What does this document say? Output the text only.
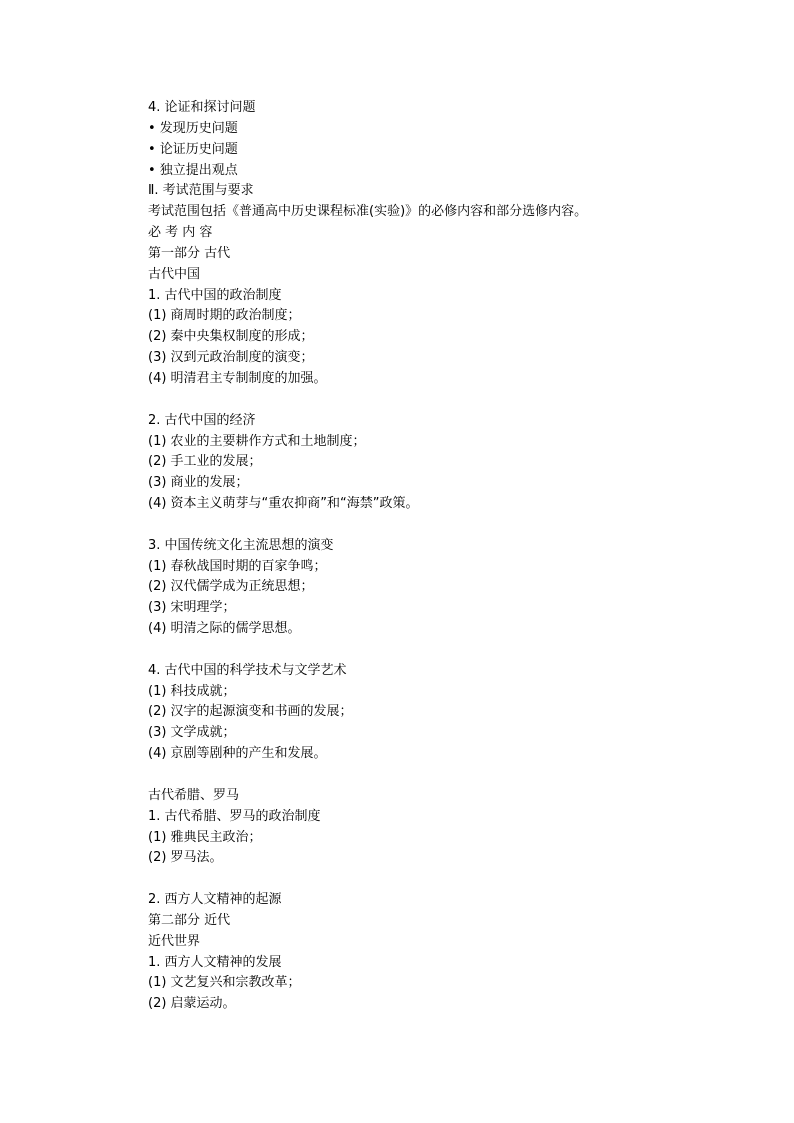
4. 论证和探讨问题
• 发现历史问题
• 论证历史问题
• 独立提出观点
Ⅱ. 考试范围与要求
考试范围包括《普通高中历史课程标准(实验)》的必修内容和部分选修内容。
必 考 内 容
第一部分 古代
古代中国
1. 古代中国的政治制度
(1) 商周时期的政治制度；
(2) 秦中央集权制度的形成；
(3) 汉到元政治制度的演变；
(4) 明清君主专制制度的加强。
2. 古代中国的经济
(1) 农业的主要耕作方式和土地制度；
(2) 手工业的发展；
(3) 商业的发展；
(4) 资本主义萌芽与“重农抑商”和“海禁”政策。
3. 中国传统文化主流思想的演变
(1) 春秋战国时期的百家争鸣；
(2) 汉代儒学成为正统思想；
(3) 宋明理学；
(4) 明清之际的儒学思想。
4. 古代中国的科学技术与文学艺术
(1) 科技成就；
(2) 汉字的起源演变和书画的发展；
(3) 文学成就；
(4) 京剧等剧种的产生和发展。
古代希腊、罗马
1. 古代希腊、罗马的政治制度
(1) 雅典民主政治；
(2) 罗马法。
2. 西方人文精神的起源
第二部分 近代
近代世界
1. 西方人文精神的发展
(1) 文艺复兴和宗教改革；
(2) 启蒙运动。
